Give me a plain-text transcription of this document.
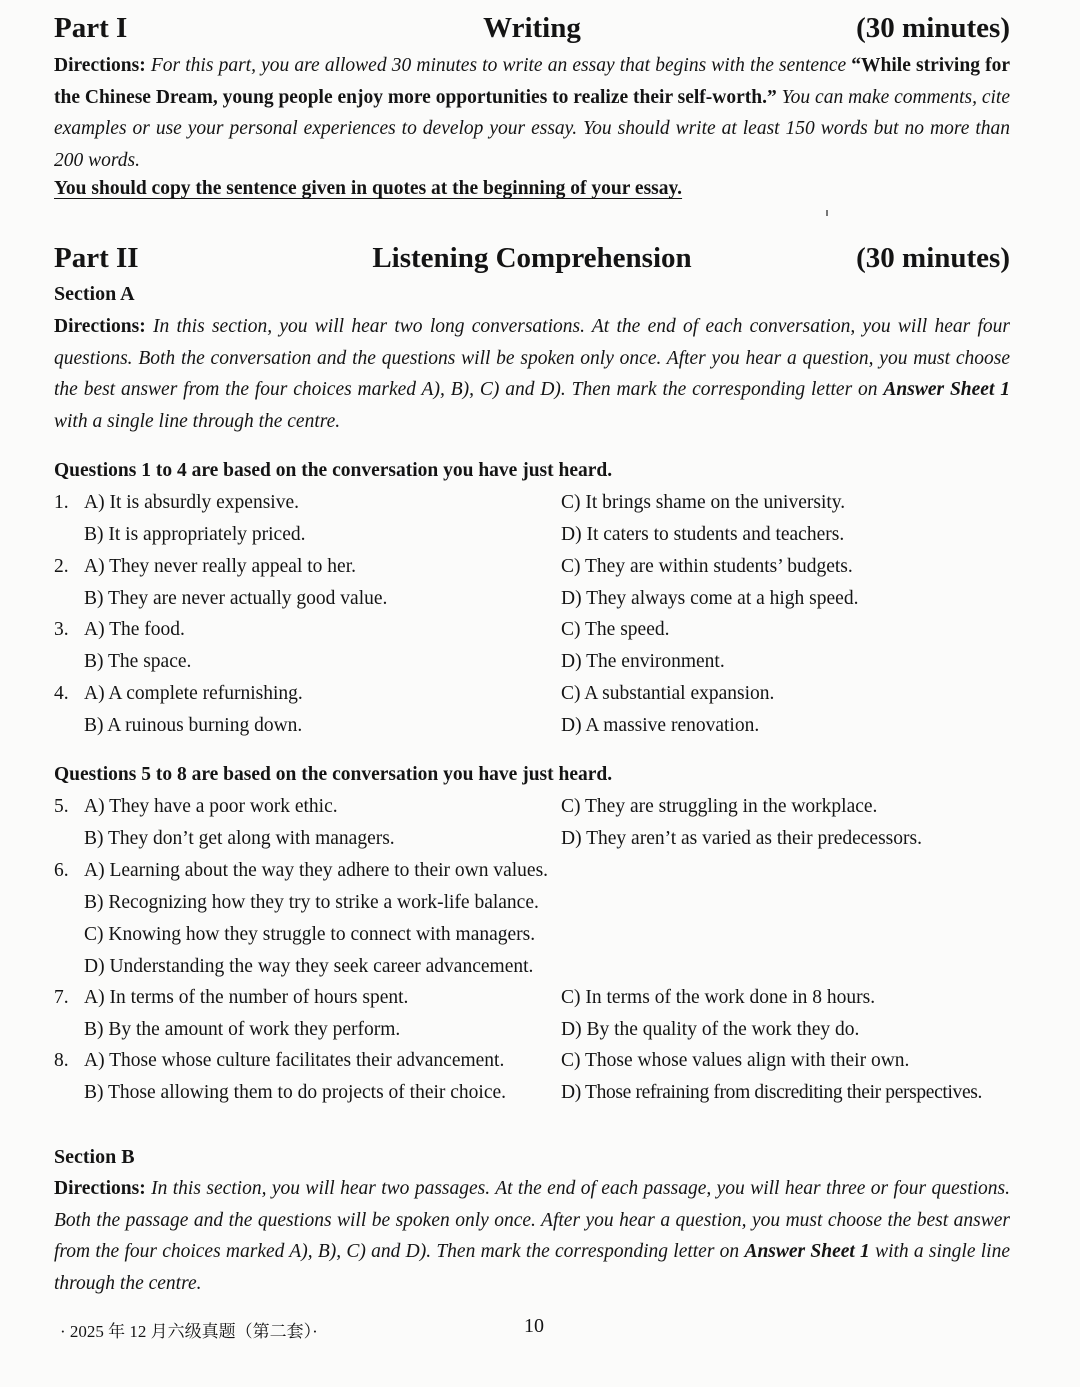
Part I	Writing	(30 minutes)

Directions: For this part, you are allowed 30 minutes to write an essay that begins with the sentence “While striving for the Chinese Dream, young people enjoy more opportunities to realize their self-worth.” You can make comments, cite examples or use your personal experiences to develop your essay. You should write at least 150 words but no more than 200 words.

You should copy the sentence given in quotes at the beginning of your essay.
Part II	Listening Comprehension	(30 minutes)
Section A

Directions: In this section, you will hear two long conversations. At the end of each conversation, you will hear four questions. Both the conversation and the questions will be spoken only once. After you hear a question, you must choose the best answer from the four choices marked A), B), C) and D). Then mark the corresponding letter on Answer Sheet 1 with a single line through the centre.

Questions 1 to 4 are based on the conversation you have just heard.
1. A) It is absurdly expensive.
B) It is appropriately priced.
C) It brings shame on the university.
D) It caters to students and teachers.
2. A) They never really appeal to her.
B) They are never actually good value.
C) They are within students’ budgets.
D) They always come at a high speed.
3. A) The food.
B) The space.
C) The speed.
D) The environment.
4. A) A complete refurnishing.
B) A ruinous burning down.
C) A substantial expansion.
D) A massive renovation.
Questions 5 to 8 are based on the conversation you have just heard.
5. A) They have a poor work ethic.
B) They don’t get along with managers.
C) They are struggling in the workplace.
D) They aren’t as varied as their predecessors.
6. A) Learning about the way they adhere to their own values.
B) Recognizing how they try to strike a work-life balance.
C) Knowing how they struggle to connect with managers.
D) Understanding the way they seek career advancement.
7. A) In terms of the number of hours spent.
B) By the amount of work they perform.
C) In terms of the work done in 8 hours.
D) By the quality of the work they do.
8. A) Those whose culture facilitates their advancement.
B) Those allowing them to do projects of their choice.
C) Those whose values align with their own.
D) Those refraining from discrediting their perspectives.
Section B

Directions: In this section, you will hear two passages. At the end of each passage, you will hear three or four questions. Both the passage and the questions will be spoken only once. After you hear a question, you must choose the best answer from the four choices marked A), B), C) and D). Then mark the corresponding letter on Answer Sheet 1 with a single line through the centre.

· 2025 年 12 月六级真题（第二套）·	10
